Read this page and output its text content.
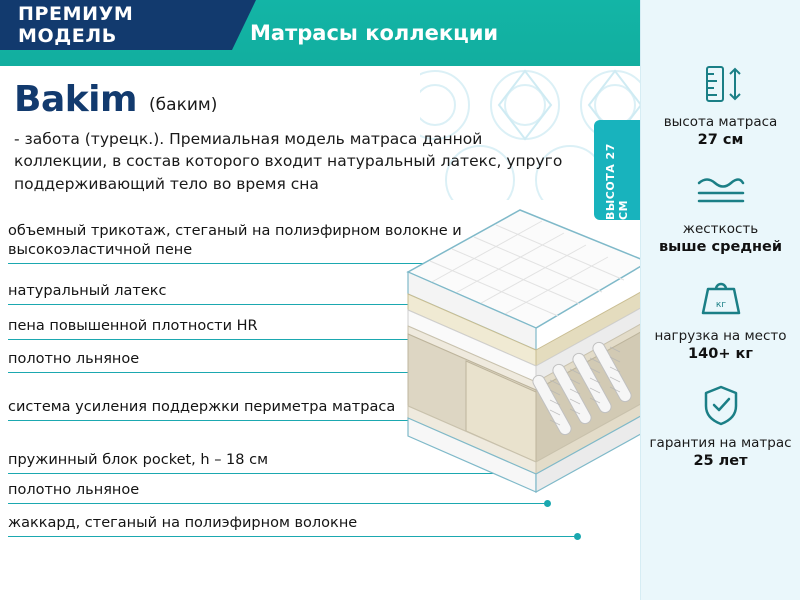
ПРЕМИУМ МОДЕЛЬ	Матрасы коллекции
Bakim (баким)
- забота (турецк.). Премиальная модель матраса данной коллекции, в состав которого входит натуральный латекс, упруго поддерживающий тело во время сна	ВЫСОТА 27 СМ
объемный трикотаж, стеганый на полиэфирном волокне и высокоэластичной пене
натуральный латекс
пена повышенной плотности HR
полотно льняное
система усиления поддержки периметра матраса
пружинный блок pocket, h – 18 см
полотно льняное
жаккард, стеганый на полиэфирном волокне
высота матраса
27 см
жесткость
выше средней
кг
нагрузка на место
140+ кг
гарантия на матрас
25 лет
